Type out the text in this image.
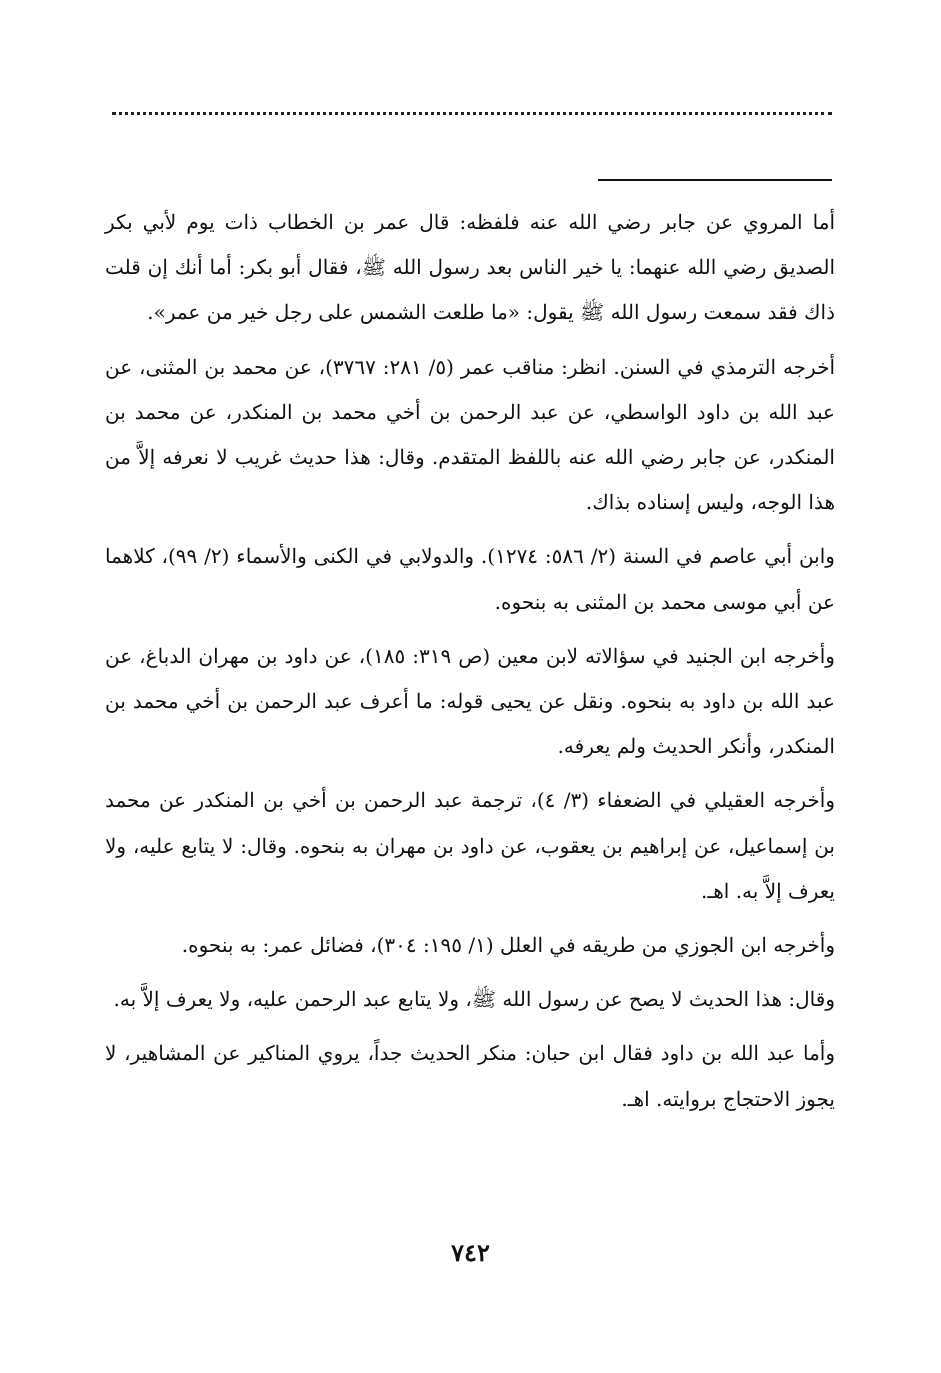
أما المروي عن جابر رضي الله عنه فلفظه: قال عمر بن الخطاب ذات يوم لأبي بكر الصديق رضي الله عنهما: يا خير الناس بعد رسول الله ﷺ، فقال أبو بكر: أما أنك إن قلت ذاك فقد سمعت رسول الله ﷺ يقول: «ما طلعت الشمس على رجل خير من عمر».

أخرجه الترمذي في السنن. انظر: مناقب عمر (٥/ ٢٨١: ٣٧٦٧)، عن محمد بن المثنى، عن عبد الله بن داود الواسطي، عن عبد الرحمن بن أخي محمد بن المنكدر، عن محمد بن المنكدر، عن جابر رضي الله عنه باللفظ المتقدم. وقال: هذا حديث غريب لا نعرفه إلاَّ من هذا الوجه، وليس إسناده بذاك.

وابن أبي عاصم في السنة (٢/ ٥٨٦: ١٢٧٤). والدولابي في الكنى والأسماء (٢/ ٩٩)، كلاهما عن أبي موسى محمد بن المثنى به بنحوه.

وأخرجه ابن الجنيد في سؤالاته لابن معين (ص ٣١٩: ١٨٥)، عن داود بن مهران الدباغ، عن عبد الله بن داود به بنحوه. ونقل عن يحيى قوله: ما أعرف عبد الرحمن بن أخي محمد بن المنكدر، وأنكر الحديث ولم يعرفه.

وأخرجه العقيلي في الضعفاء (٣/ ٤)، ترجمة عبد الرحمن بن أخي بن المنكدر عن محمد بن إسماعيل، عن إبراهيم بن يعقوب، عن داود بن مهران به بنحوه. وقال: لا يتابع عليه، ولا يعرف إلاَّ به. اهـ.

وأخرجه ابن الجوزي من طريقه في العلل (١/ ١٩٥: ٣٠٤)، فضائل عمر: به بنحوه.

وقال: هذا الحديث لا يصح عن رسول الله ﷺ، ولا يتابع عبد الرحمن عليه، ولا يعرف إلاَّ به.

وأما عبد الله بن داود فقال ابن حبان: منكر الحديث جداً، يروي المناكير عن المشاهير، لا يجوز الاحتجاج بروايته. اهـ.

٧٤٢
